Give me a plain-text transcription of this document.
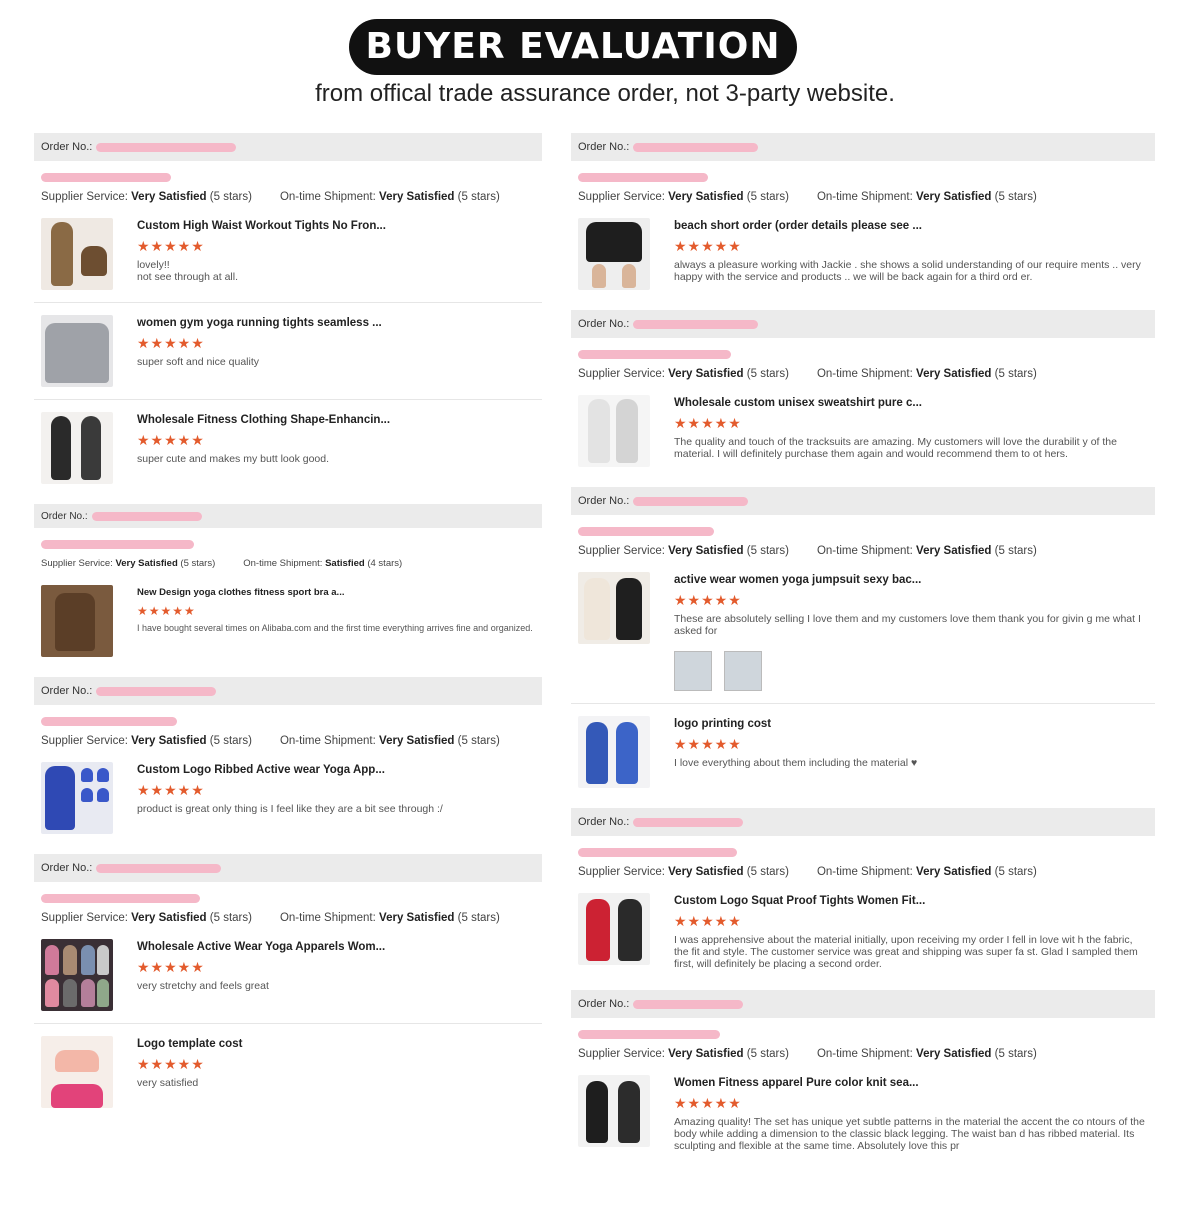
BUYER EVALUATION
from offical trade assurance order, not 3-party website.
Order No.:
Supplier Service: Very Satisfied (5 stars) On-time Shipment: Very Satisfied (5 stars)
Custom High Waist Workout Tights No Fron...
★★★★★
lovely!!
not see through at all.
women gym yoga running tights seamless ...
★★★★★
super soft and nice quality
Wholesale Fitness Clothing Shape-Enhancin...
★★★★★
super cute and makes my butt look good.
Order No.:
Supplier Service: Very Satisfied (5 stars)	On-time Shipment: Satisfied (4 stars)
New Design yoga clothes fitness sport bra a...
★★★★★
I have bought several times on Alibaba.com and the first time everything arrives fine and organized.
Order No.:
Supplier Service: Very Satisfied (5 stars) On-time Shipment: Very Satisfied (5 stars)
Custom Logo Ribbed Active wear Yoga App...
★★★★★
product is great only thing is I feel like they are a bit see through :/
Order No.:
Supplier Service: Very Satisfied (5 stars) On-time Shipment: Very Satisfied (5 stars)
Wholesale Active Wear Yoga Apparels Wom...
★★★★★
very stretchy and feels great
Logo template cost
★★★★★
very satisfied
Order No.:
Supplier Service: Very Satisfied (5 stars) On-time Shipment: Very Satisfied (5 stars)
beach short order (order details please see ...
★★★★★
always a pleasure working with Jackie . she shows a solid understanding of our require ments .. very happy with the service and products .. we will be back again for a third ord er.
Order No.:
Supplier Service: Very Satisfied (5 stars) On-time Shipment: Very Satisfied (5 stars)
Wholesale custom unisex sweatshirt pure c...
★★★★★
The quality and touch of the tracksuits are amazing. My customers will love the durabilit y of the material. I will definitely purchase them again and would recommend them to ot hers.
Order No.:
Supplier Service: Very Satisfied (5 stars) On-time Shipment: Very Satisfied (5 stars)
active wear women yoga jumpsuit sexy bac...
★★★★★
These are absolutely selling I love them and my customers love them thank you for givin g me what I asked for
logo printing cost
★★★★★
I love everything about them including the material ♥
Order No.:
Supplier Service: Very Satisfied (5 stars) On-time Shipment: Very Satisfied (5 stars)
Custom Logo Squat Proof Tights Women Fit...
★★★★★
I was apprehensive about the material initially, upon receiving my order I fell in love wit h the fabric, the fit and style. The customer service was great and shipping was super fa st. Glad I sampled them first, will definitely be placing a second order.
Order No.:
Supplier Service: Very Satisfied (5 stars) On-time Shipment: Very Satisfied (5 stars)
Women Fitness apparel Pure color knit sea...
★★★★★
Amazing quality! The set has unique yet subtle patterns in the material the accent the co ntours of the body while adding a dimension to the classic black legging. The waist ban d has ribbed material. Its sculpting and flexible at the same time. Absolutely love this pr
